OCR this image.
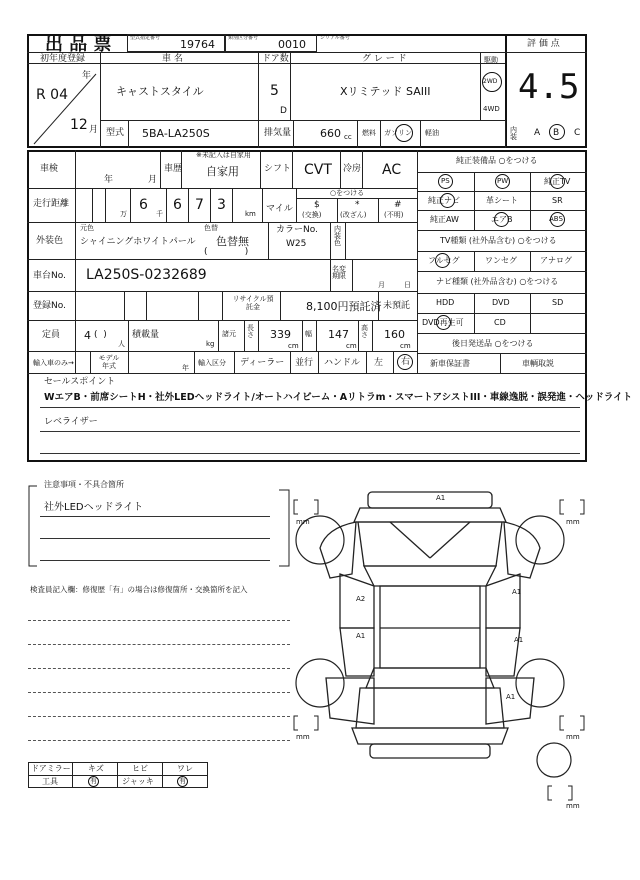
出 品 票	型式指定番号 19764	類別区分番号 0010	シリアル番号
評 価 点
4.5
初年度登録
R 04
年
12 月
車 名
キャストスタイル
ドア数
5
D
グ レ ー ド
Xリミテッド SAIII
駆動
2WD
4WD
型式 5BA-LA250S	排気量	660 cc 燃料 ガソリン 軽油	内装	A B C
車検
年	月
車歴
※未記入は自家用
自家用	シフト CVT 冷房 AC
走行距離
万
6
千
6 7 3
km マイル
○をつける
$
(交換)
*
(改ざん)
#
(不明)
外装色
元色
シャイニングホワイトパール
色替
色替無
(             )
カラーNo.
W25
内装色
車台No. LA250S-0232689	名変期限
月	日
登録No.
リサイクル預託金	8,100円預託済 未預託
定員 4 (  )
人
積載量
kg
諸元
長さ 339
cm
幅 147
cm
高さ 160
cm
輸入車のみ→
モデル年式	年
輸入区分 ディーラー 並行 ハンドル 左 右
純正装備品 ○をつける
PS	PW	純正TV
純正ナビ	革シート	SR
純正AW	エアB	ABS
TV種類 (社外品含む) ○をつける
フルセグ	ワンセグ	アナログ
ナビ種類 (社外品含む) ○をつける
HDD	DVD	SD
DVD再生可	CD
後日発送品 ○をつける
新車保証書	車輌取説
セールスポイント
WエアB・前席シートH・社外LEDヘッドライト/オートハイビーム・Aリトラm・スマートアシストIII・車線逸脱・誤発進・ヘッドライト
レベライザー
注意事項・不具合箇所
社外LEDヘッドライト
検査員記入欄：修復歴「有」の場合は修復箇所・交換箇所を記入
ドアミラー キズ	ヒビ	ワレ
工具	有	ジャッキ	有
A1
A2
A1
A1	A1
A1
mm	mm
mm	mm
mm
